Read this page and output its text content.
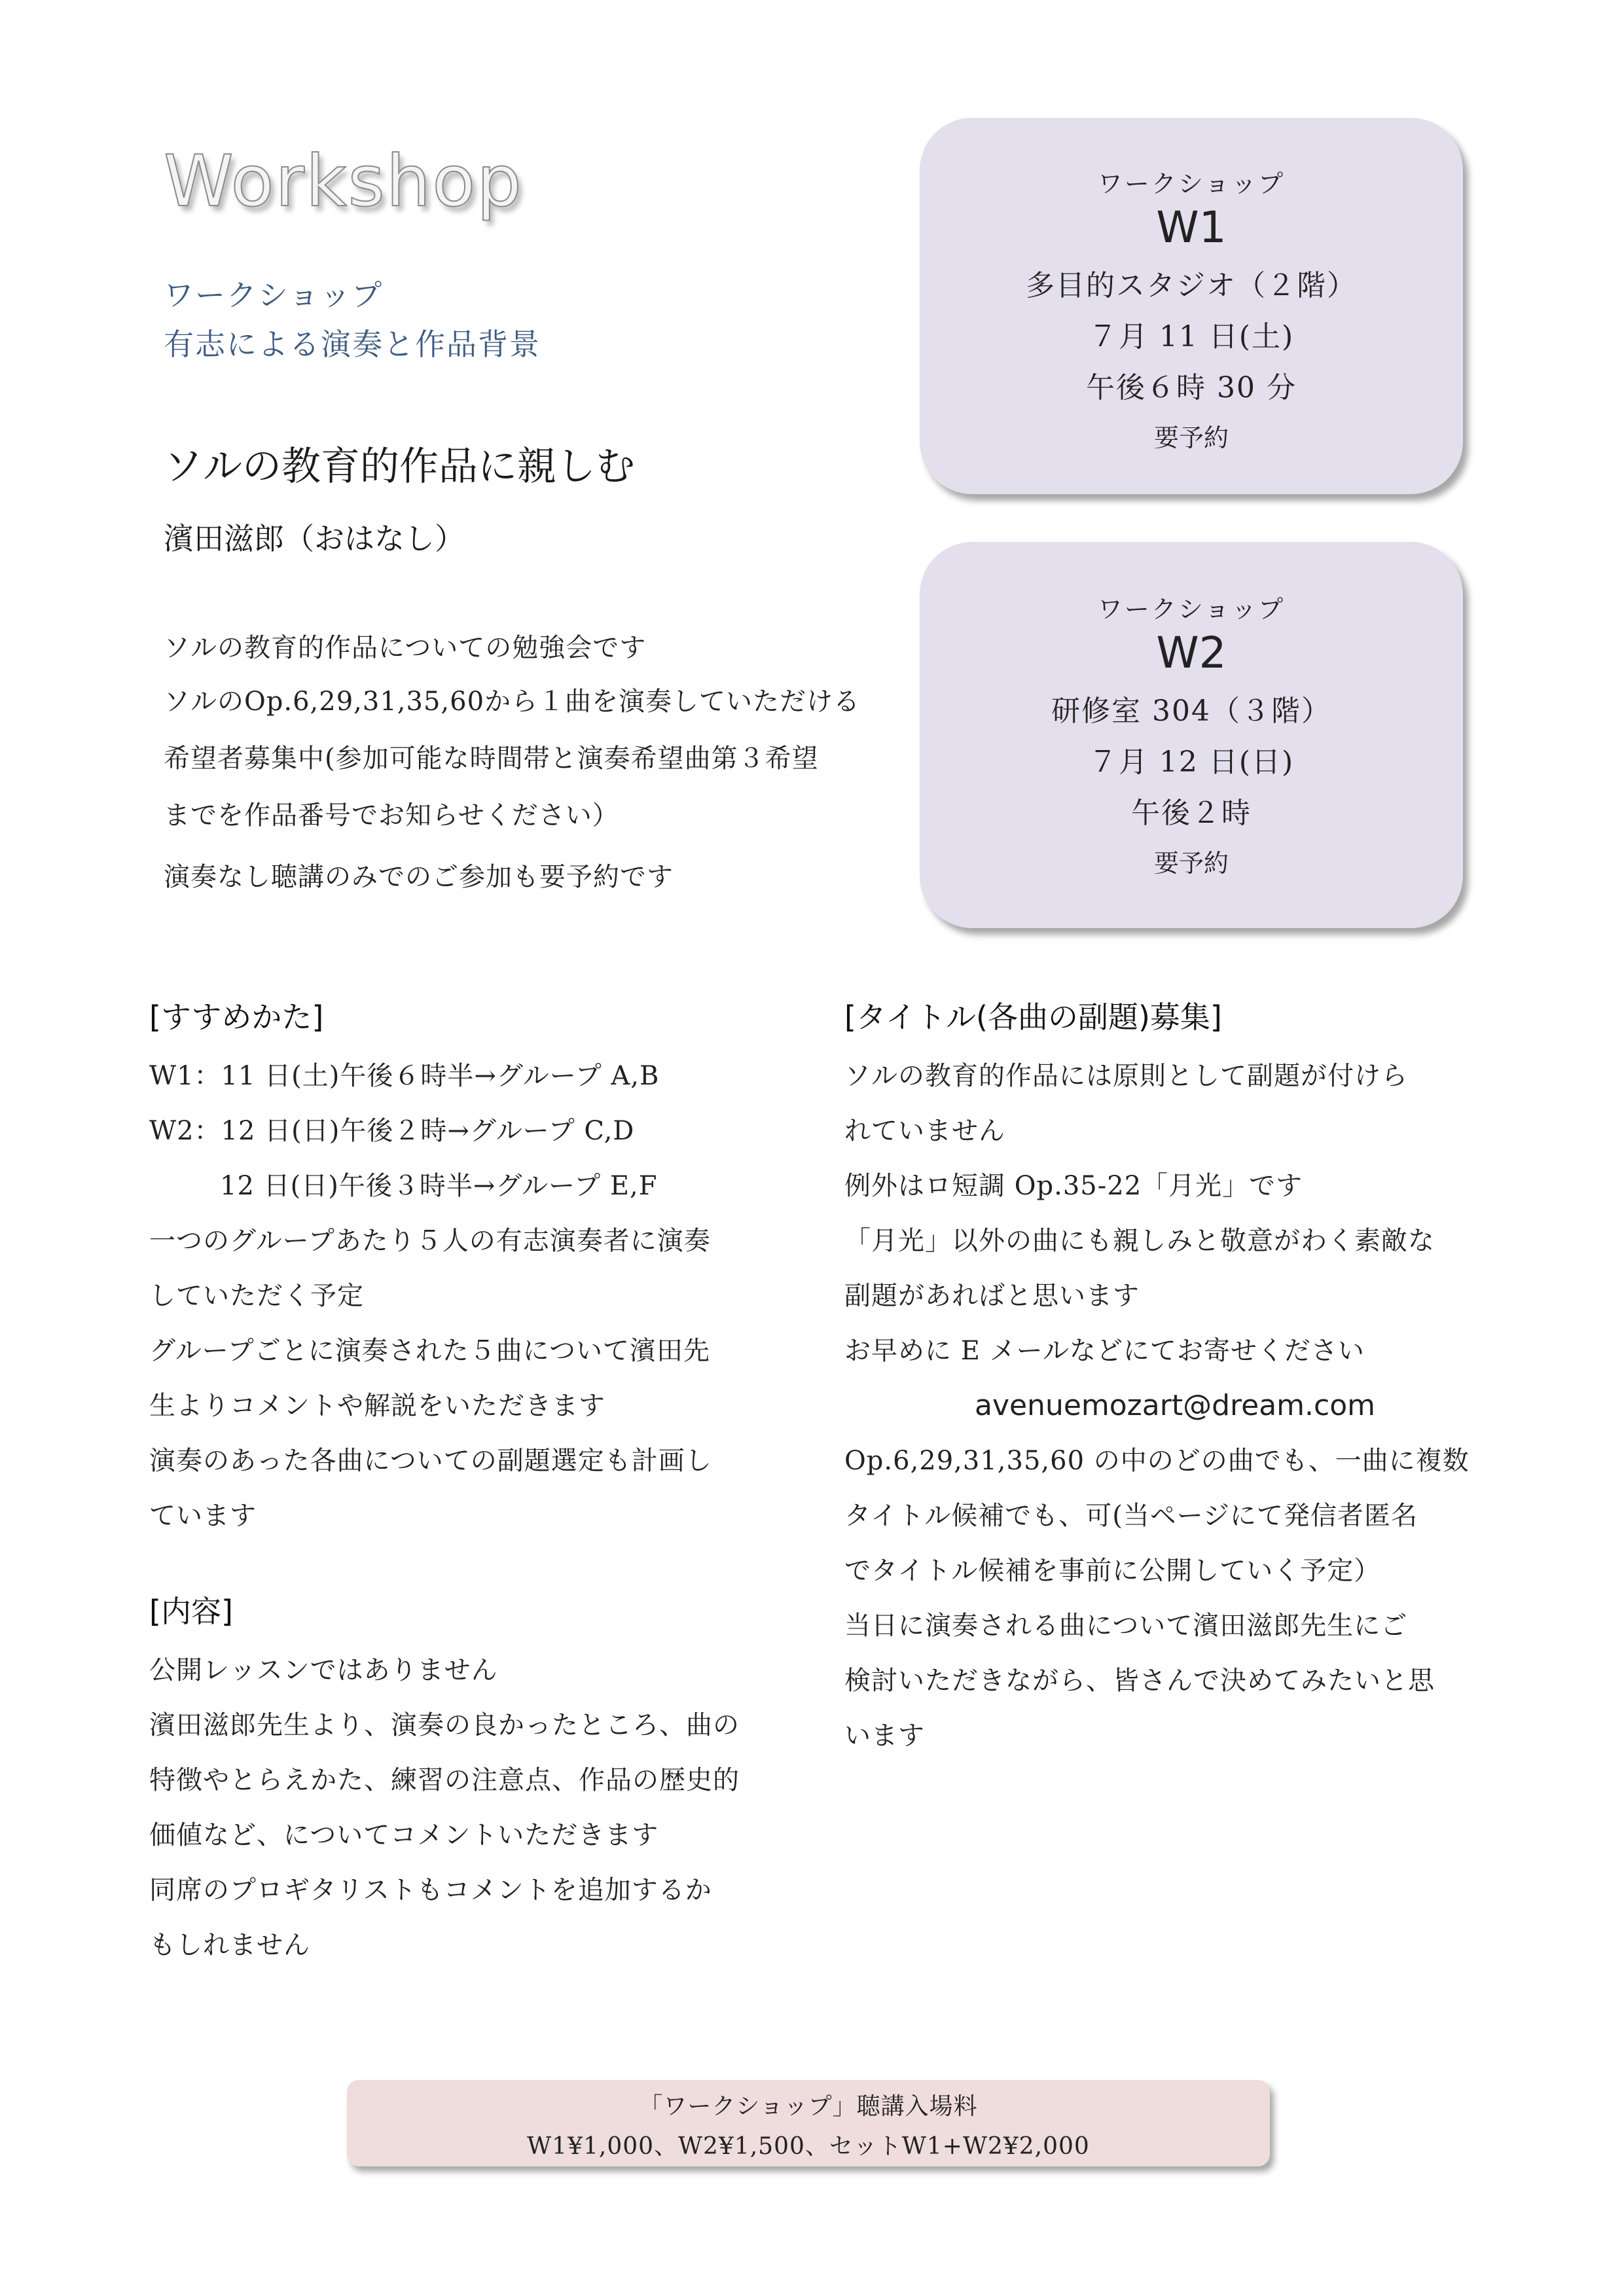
Workshop
ワークショップ
有志による演奏と作品背景
ソルの教育的作品に親しむ
濱田滋郎（おはなし）
ソルの教育的作品についての勉強会です
ソルのOp.6,29,31,35,60から１曲を演奏していただける
希望者募集中(参加可能な時間帯と演奏希望曲第３希望
までを作品番号でお知らせください）
演奏なし聴講のみでのご参加も要予約です
ワークショップ
W1
多目的スタジオ（２階）
７月 11 日(土)
午後６時 30 分
要予約
ワークショップ
W2
研修室 304（３階）
７月 12 日(日)
午後２時
要予約
[すすめかた]
W1：11 日(土)午後６時半→グループ A,B
W2：12 日(日)午後２時→グループ C,D
12 日(日)午後３時半→グループ E,F
一つのグループあたり５人の有志演奏者に演奏
していただく予定
グループごとに演奏された５曲について濱田先
生よりコメントや解説をいただきます
演奏のあった各曲についての副題選定も計画し
ています
[内容]
公開レッスンではありません
濱田滋郎先生より、演奏の良かったところ、曲の
特徴やとらえかた、練習の注意点、作品の歴史的
価値など、についてコメントいただきます
同席のプロギタリストもコメントを追加するか
もしれません
[タイトル(各曲の副題)募集]
ソルの教育的作品には原則として副題が付けら
れていません
例外はロ短調 Op.35-22「月光」です
「月光」以外の曲にも親しみと敬意がわく素敵な
副題があればと思います
お早めに E メールなどにてお寄せください
avenuemozart@dream.com
Op.6,29,31,35,60 の中のどの曲でも、一曲に複数
タイトル候補でも、可(当ページにて発信者匿名
でタイトル候補を事前に公開していく予定）
当日に演奏される曲について濱田滋郎先生にご
検討いただきながら、皆さんで決めてみたいと思
います
「ワークショップ」聴講入場料
W1¥1,000、W2¥1,500、セットW1+W2¥2,000
